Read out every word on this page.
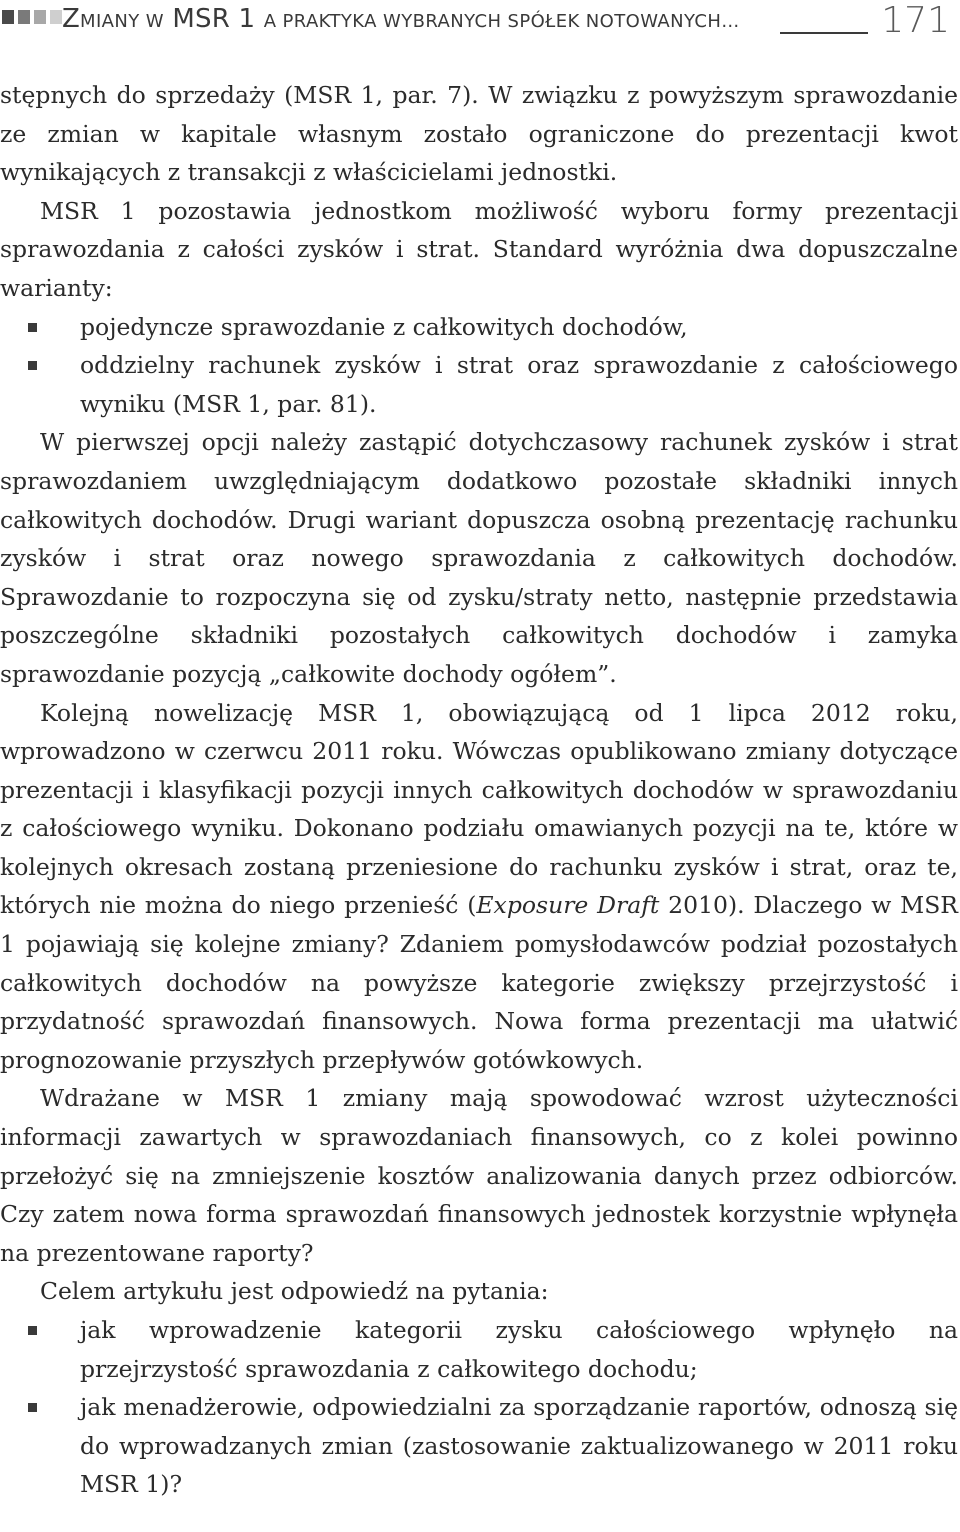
ZMIANY W MSR 1 A PRAKTYKA WYBRANYCH SPÓŁEK NOTOWANYCH…	171

stępnych do sprzedaży (MSR 1, par. 7). W związku z powyższym sprawozdanie ze zmian w kapitale własnym zostało ograniczone do prezentacji kwot wynikających z transakcji z właścicielami jednostki.

MSR 1 pozostawia jednostkom możliwość wyboru formy prezentacji sprawozdania z całości zysków i strat. Standard wyróżnia dwa dopuszczalne warianty:

pojedyncze sprawozdanie z całkowitych dochodów,
oddzielny rachunek zysków i strat oraz sprawozdanie z całościowego wyniku (MSR 1, par. 81).

W pierwszej opcji należy zastąpić dotychczasowy rachunek zysków i strat sprawozdaniem uwzględniającym dodatkowo pozostałe składniki innych całkowitych dochodów. Drugi wariant dopuszcza osobną prezentację rachunku zysków i strat oraz nowego sprawozdania z całkowitych dochodów. Sprawozdanie to rozpoczyna się od zysku/straty netto, następnie przedstawia poszczególne składniki pozostałych całkowitych dochodów i zamyka sprawozdanie pozycją „całkowite dochody ogółem”.

Kolejną nowelizację MSR 1, obowiązującą od 1 lipca 2012 roku, wprowadzono w czerwcu 2011 roku. Wówczas opublikowano zmiany dotyczące prezentacji i klasyfikacji pozycji innych całkowitych dochodów w sprawozdaniu z całościowego wyniku. Dokonano podziału omawianych pozycji na te, które w kolejnych okresach zostaną przeniesione do rachunku zysków i strat, oraz te, których nie można do niego przenieść (Exposure Draft 2010). Dlaczego w MSR 1 pojawiają się kolejne zmiany? Zdaniem pomysłodawców podział pozostałych całkowitych dochodów na powyższe kategorie zwiększy przejrzystość i przydatność sprawozdań finansowych. Nowa forma prezentacji ma ułatwić prognozowanie przyszłych przepływów gotówkowych.

Wdrażane w MSR 1 zmiany mają spowodować wzrost użyteczności informacji zawartych w sprawozdaniach finansowych, co z kolei powinno przełożyć się na zmniejszenie kosztów analizowania danych przez odbiorców. Czy zatem nowa forma sprawozdań finansowych jednostek korzystnie wpłynęła na prezentowane raporty?

Celem artykułu jest odpowiedź na pytania:

jak wprowadzenie kategorii zysku całościowego wpłynęło na przejrzystość sprawozdania z całkowitego dochodu;
jak menadżerowie, odpowiedzialni za sporządzanie raportów, odnoszą się do wprowadzanych zmian (zastosowanie zaktualizowanego w 2011 roku MSR 1)?
